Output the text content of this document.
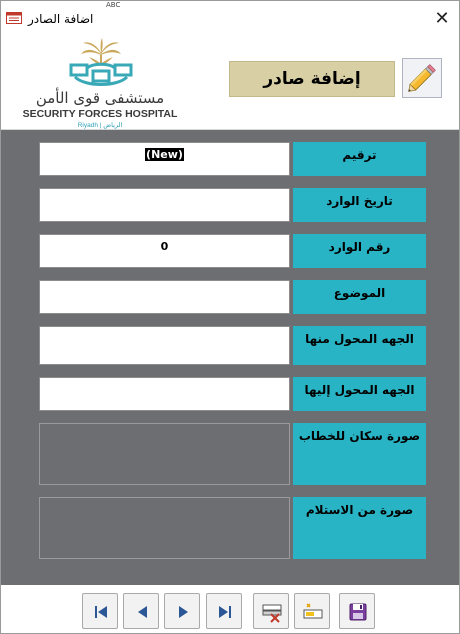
ABC
اضافة الصادر	✕
مستشفى قوى الأمن
SECURITY FORCES HOSPITAL
Riyadh | الرياض
إضافة صادر
(New)	ترقيم
تاريخ الوارد
0	رقم الوارد
الموضوع
الجهه المحول منها
الجهه المحول إليها
صورة سكان للخطاب
صورة من الاستلام
